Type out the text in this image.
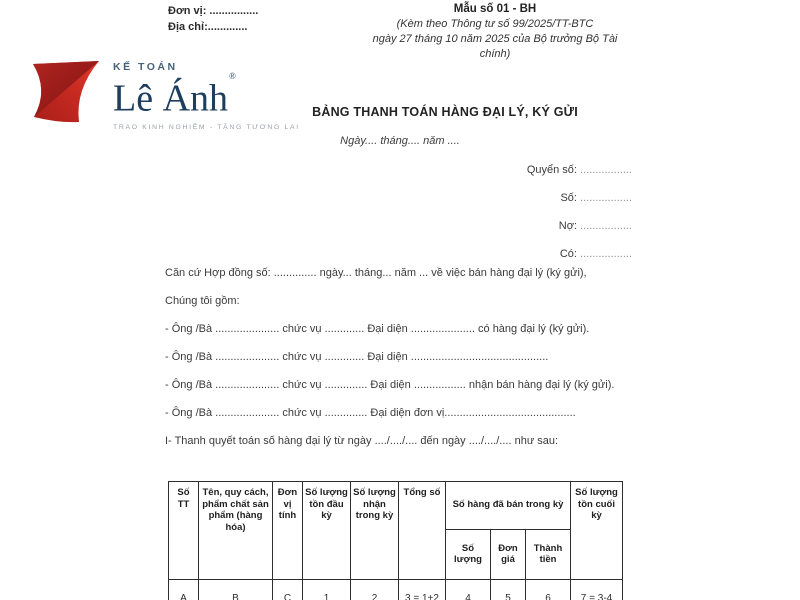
Đơn vị: ................
Địa chỉ:.............
Mẫu số 01 - BH
(Kèm theo Thông tư số 99/2025/TT-BTC
ngày 27 tháng 10 năm 2025 của Bộ trưởng Bộ Tài
chính)
KẾ TOÁN
Lê Ánh®
TRAO KINH NGHIỆM - TẶNG TƯƠNG LAI
BẢNG THANH TOÁN HÀNG ĐẠI LÝ, KÝ GỬI
Ngày.... tháng.... năm ....
Quyển số: .................
Số: .................
Nợ: .................
Có: .................

Căn cứ Hợp đồng số: .............. ngày... tháng... năm ... về việc bán hàng đại lý (ký gửi),

Chúng tôi gồm:

- Ông /Bà ..................... chức vụ ............. Đại diện ..................... có hàng đại lý (ký gửi).

- Ông /Bà ..................... chức vụ ............. Đại diện .............................................

- Ông /Bà ..................... chức vụ .............. Đại diện ................. nhận bán hàng đại lý (ký gửi).

- Ông /Bà ..................... chức vụ .............. Đại diện đơn vị...........................................

I- Thanh quyết toán số hàng đại lý từ ngày ..../..../.... đến ngày ..../..../.... như sau:

Số TT	Tên, quy cách, phẩm chất sản phẩm (hàng hóa)	Đơn vị tính	Số lượng tồn đầu kỳ	Số lượng nhận trong kỳ	Tổng số	Số hàng đã bán trong kỳ			Số lượng tồn cuối kỳ
						Số lượng	Đơn giá	Thành tiền	
A	B	C	1	2	3 = 1+2	4	5	6	7 = 3-4
